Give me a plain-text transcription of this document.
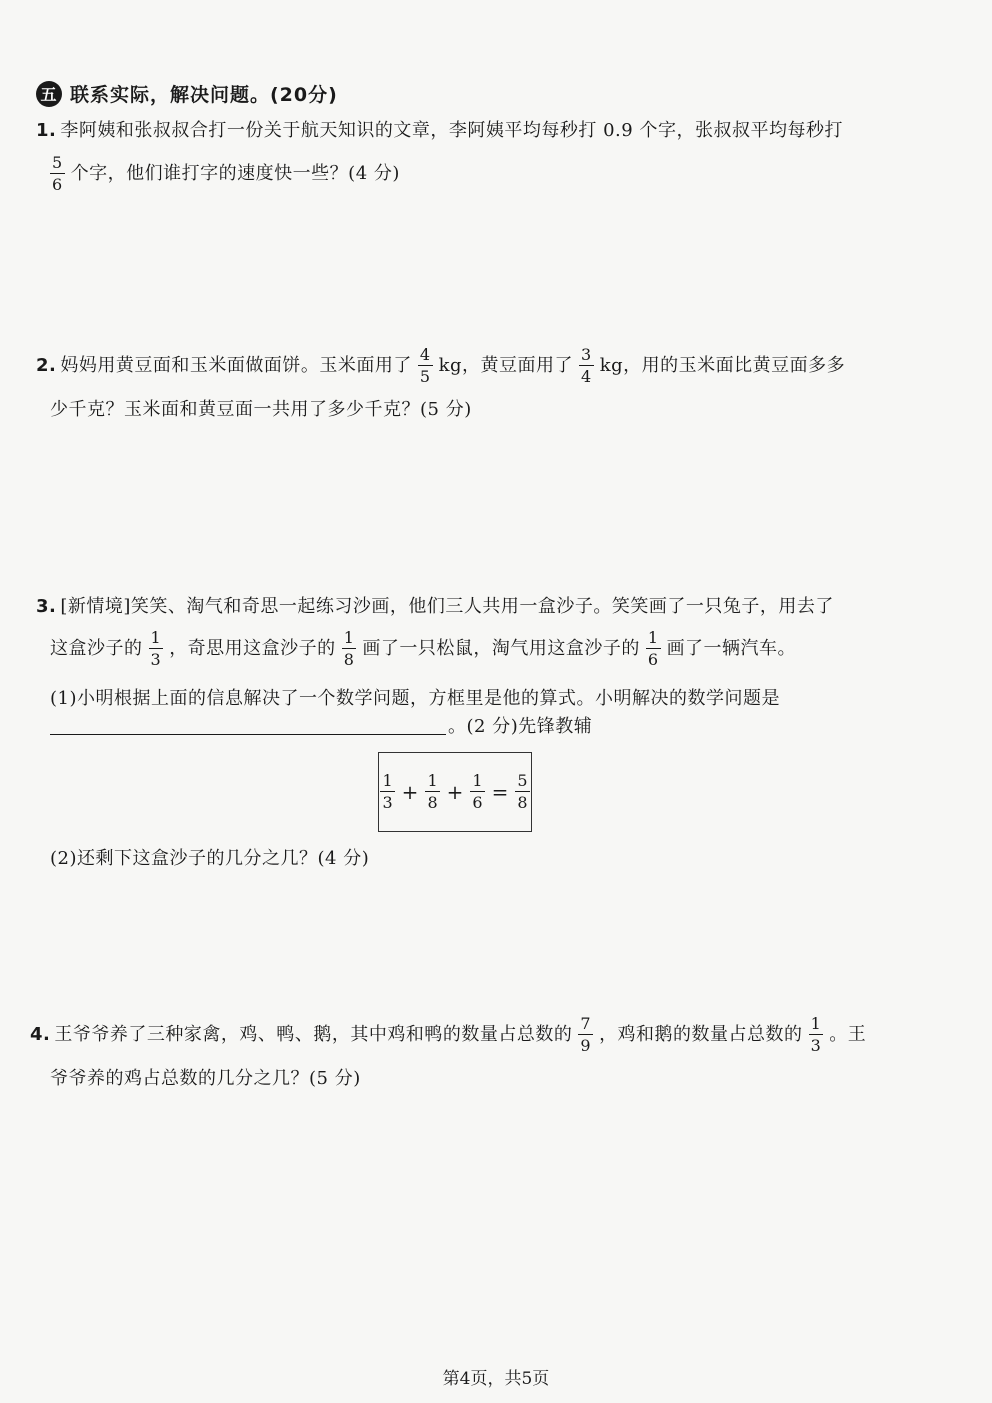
五 联系实际，解决问题。(20分)
1. 李阿姨和张叔叔合打一份关于航天知识的文章，李阿姨平均每秒打 0.9 个字，张叔叔平均每秒打
$\frac{5}{6}$ 个字，他们谁打字的速度快一些？(4 分)
2. 妈妈用黄豆面和玉米面做面饼。玉米面用了 $\frac{4}{5}$ kg，黄豆面用了 $\frac{3}{4}$ kg，用的玉米面比黄豆面多多
少千克？玉米面和黄豆面一共用了多少千克？(5 分)
3. [新情境]笑笑、淘气和奇思一起练习沙画，他们三人共用一盒沙子。笑笑画了一只兔子，用去了
这盒沙子的 $\frac{1}{3}$ ，奇思用这盒沙子的 $\frac{1}{8}$ 画了一只松鼠，淘气用这盒沙子的 $\frac{1}{6}$ 画了一辆汽车。
(1)小明根据上面的信息解决了一个数学问题，方框里是他的算式。小明解决的数学问题是
。(2 分)先锋教辅
$\frac{1}{3} + \frac{1}{8} + \frac{1}{6} = \frac{5}{8}$
(2)还剩下这盒沙子的几分之几？(4 分)
4. 王爷爷养了三种家禽，鸡、鸭、鹅，其中鸡和鸭的数量占总数的 $\frac{7}{9}$ ，鸡和鹅的数量占总数的 $\frac{1}{3}$ 。王
爷爷养的鸡占总数的几分之几？(5 分)
第4页，共5页
